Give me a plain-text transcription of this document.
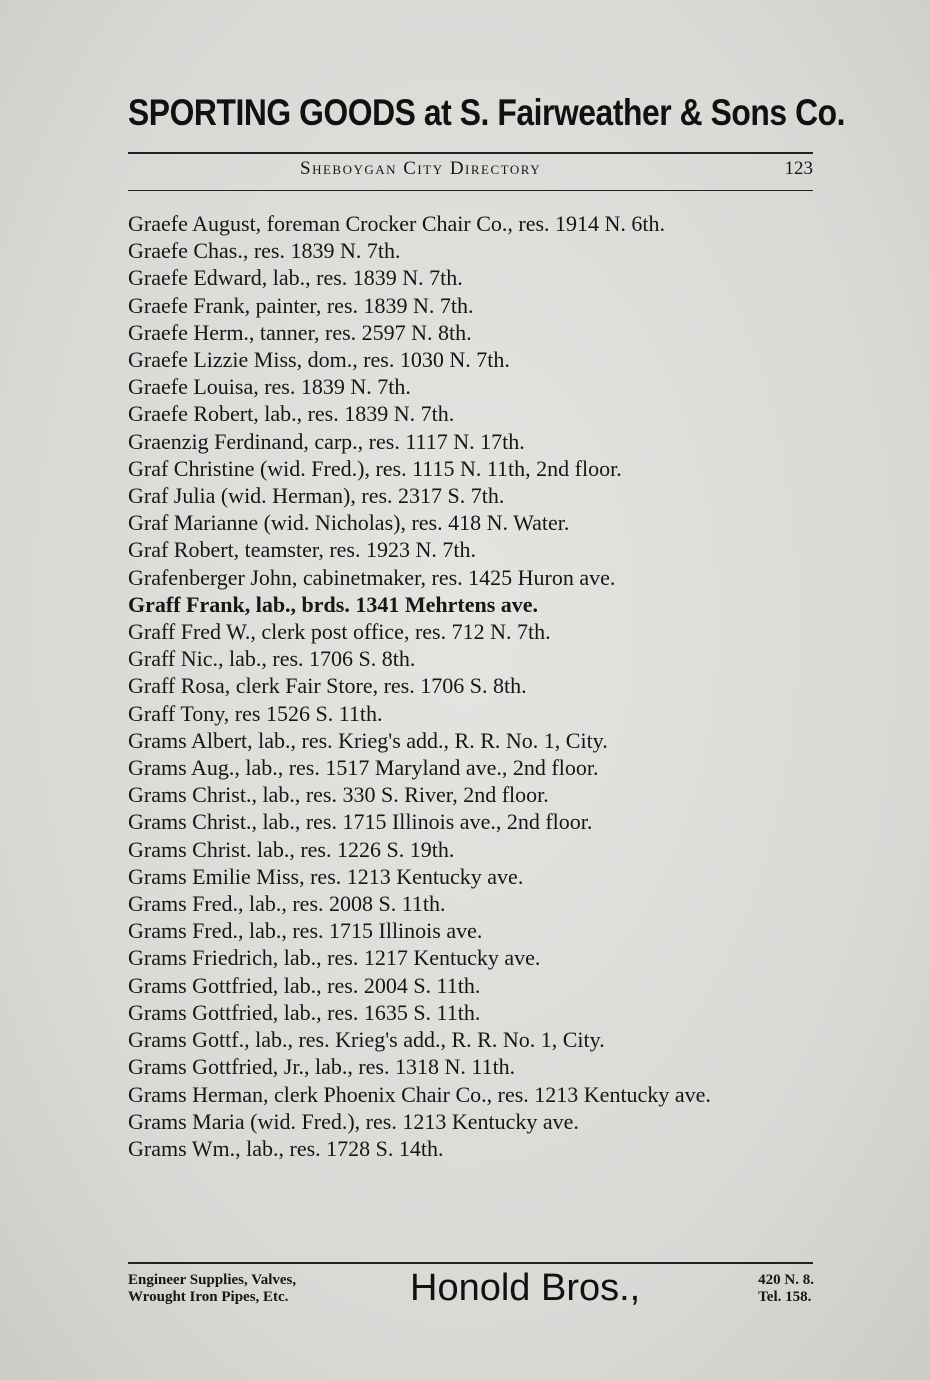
SPORTING GOODS at S. Fairweather & Sons Co.
Sheboygan City Directory	123

Graefe August, foreman Crocker Chair Co., res. 1914 N. 6th.

Graefe Chas., res. 1839 N. 7th.

Graefe Edward, lab., res. 1839 N. 7th.

Graefe Frank, painter, res. 1839 N. 7th.

Graefe Herm., tanner, res. 2597 N. 8th.

Graefe Lizzie Miss, dom., res. 1030 N. 7th.

Graefe Louisa, res. 1839 N. 7th.

Graefe Robert, lab., res. 1839 N. 7th.

Graenzig Ferdinand, carp., res. 1117 N. 17th.

Graf Christine (wid. Fred.), res. 1115 N. 11th, 2nd floor.

Graf Julia (wid. Herman), res. 2317 S. 7th.

Graf Marianne (wid. Nicholas), res. 418 N. Water.

Graf Robert, teamster, res. 1923 N. 7th.

Grafenberger John, cabinetmaker, res. 1425 Huron ave.

Graff Frank, lab., brds. 1341 Mehrtens ave.

Graff Fred W., clerk post office, res. 712 N. 7th.

Graff Nic., lab., res. 1706 S. 8th.

Graff Rosa, clerk Fair Store, res. 1706 S. 8th.

Graff Tony, res 1526 S. 11th.

Grams Albert, lab., res. Krieg's add., R. R. No. 1, City.

Grams Aug., lab., res. 1517 Maryland ave., 2nd floor.

Grams Christ., lab., res. 330 S. River, 2nd floor.

Grams Christ., lab., res. 1715 Illinois ave., 2nd floor.

Grams Christ. lab., res. 1226 S. 19th.

Grams Emilie Miss, res. 1213 Kentucky ave.

Grams Fred., lab., res. 2008 S. 11th.

Grams Fred., lab., res. 1715 Illinois ave.

Grams Friedrich, lab., res. 1217 Kentucky ave.

Grams Gottfried, lab., res. 2004 S. 11th.

Grams Gottfried, lab., res. 1635 S. 11th.

Grams Gottf., lab., res. Krieg's add., R. R. No. 1, City.

Grams Gottfried, Jr., lab., res. 1318 N. 11th.

Grams Herman, clerk Phoenix Chair Co., res. 1213 Kentucky ave.

Grams Maria (wid. Fred.), res. 1213 Kentucky ave.

Grams Wm., lab., res. 1728 S. 14th.

Engineer Supplies, Valves,
Wrought Iron Pipes, Etc.	Honold Bros.,	420 N. 8.
Tel. 158.
